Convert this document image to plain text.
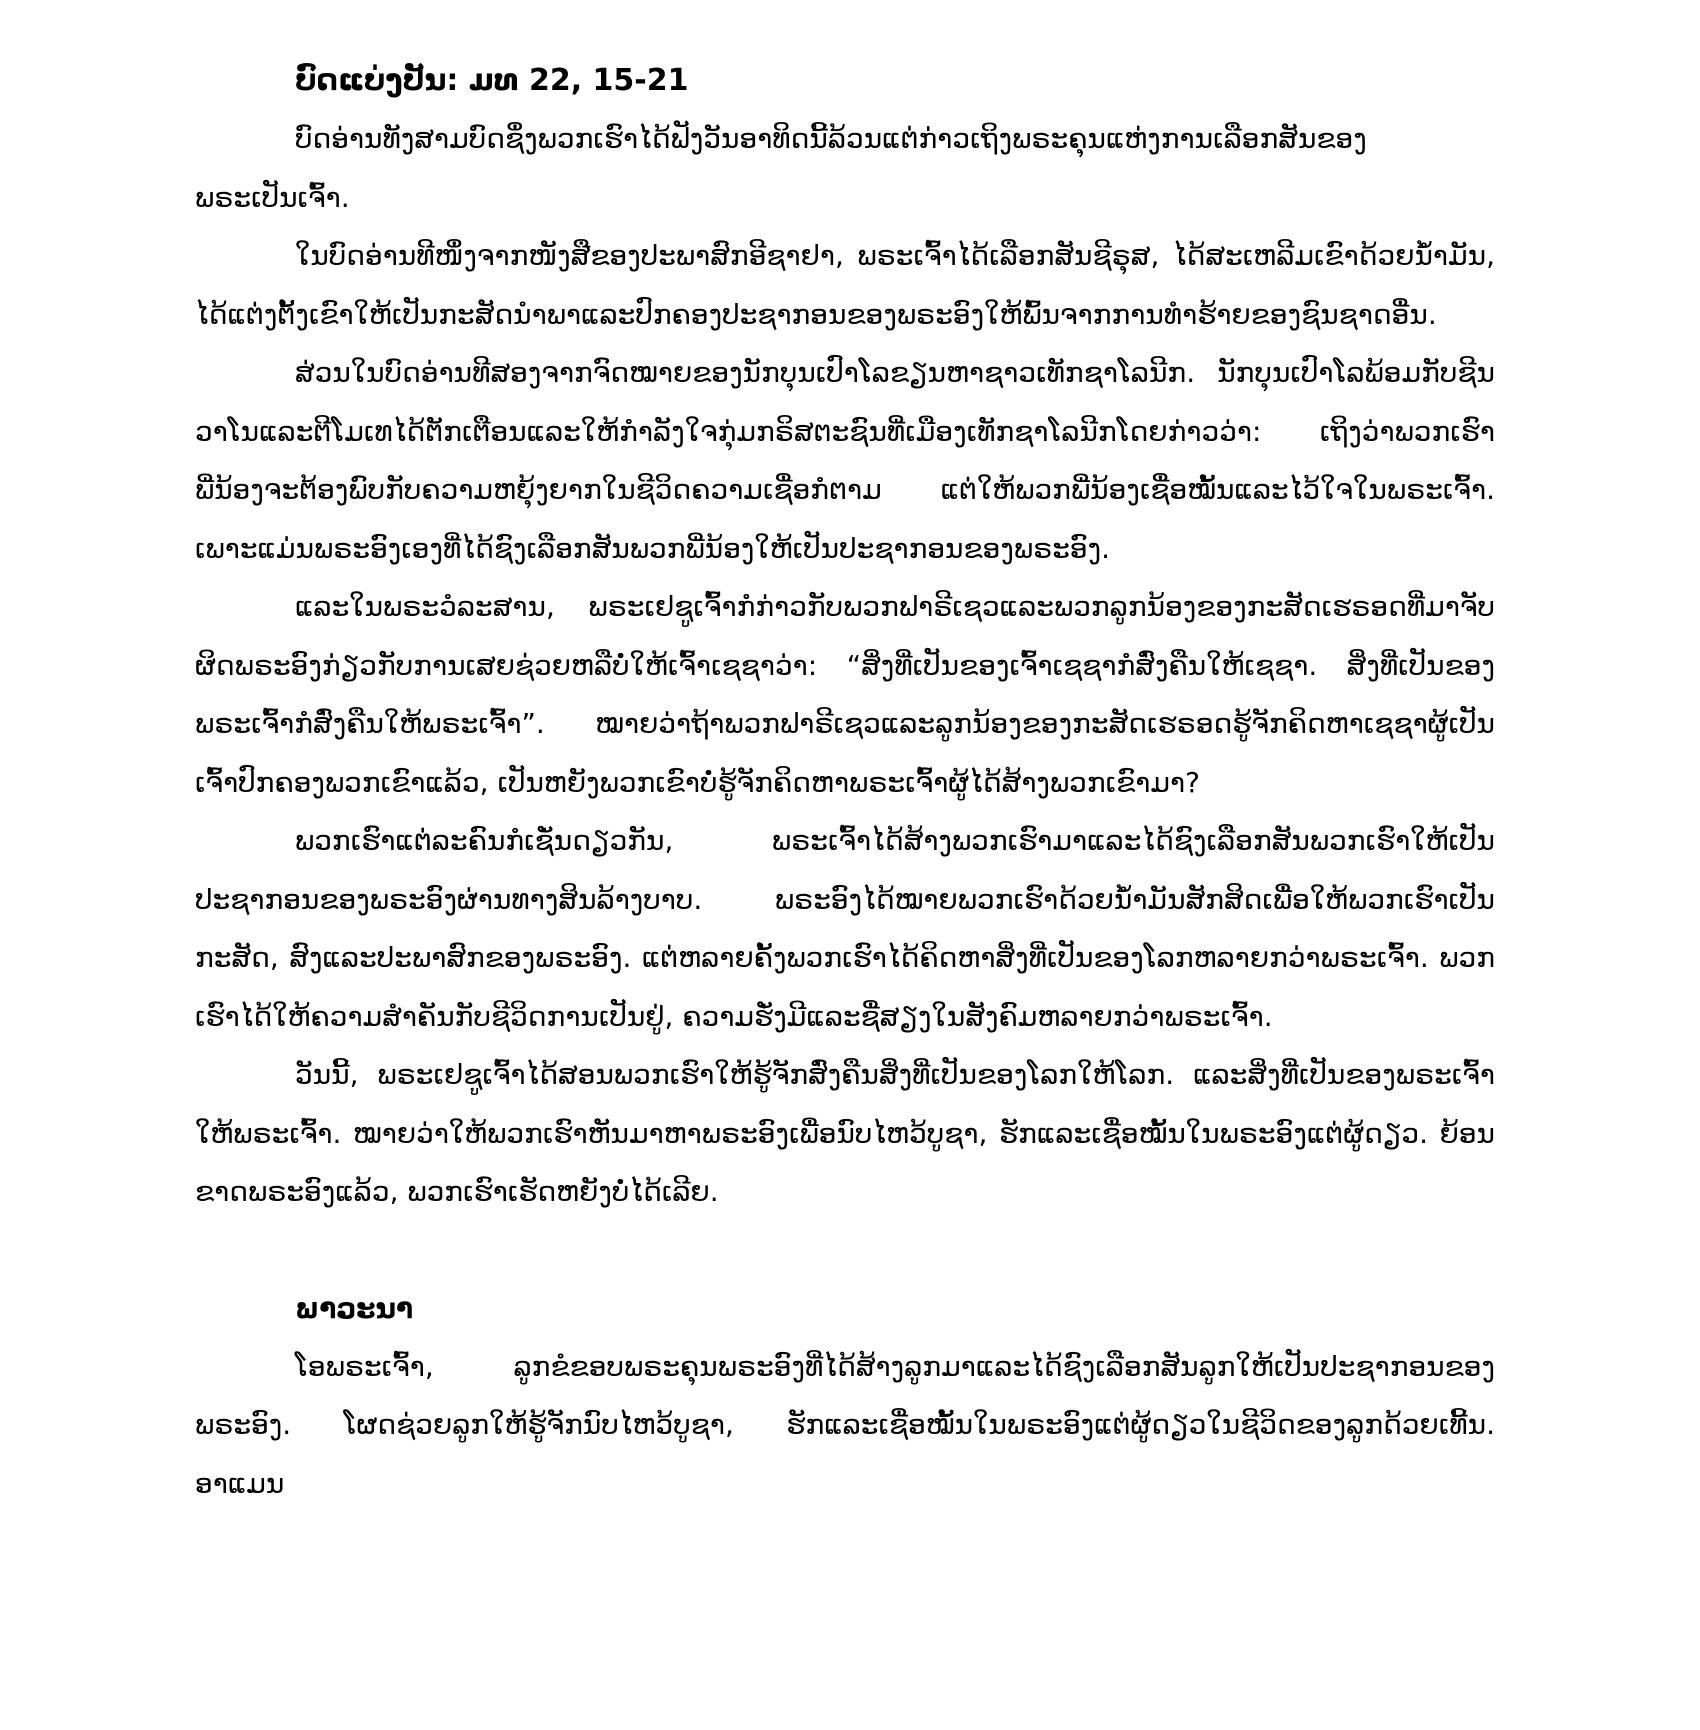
ບົດແບ່ງປັນ: ມທ 22, 15-21

ບົດອ່ານທັງສາມບົດຊຶ່ງພວກເຮົາໄດ້ຟັງວັນອາທິດນີ້ລ້ວນແຕ່ກ່າວເຖິງພຣະຄຸນແຫ່ງການເລືອກສັນຂອງພຣະເປັນເຈົ້າ.

ໃນບົດອ່ານທີໜຶ່ງຈາກໜັງສືຂອງປະພາສົກອີຊາຢາ, ພຣະເຈົ້າໄດ້ເລືອກສັນຊີຣຸສ, ໄດ້ສະເຫລີມເຂົາດ້ວຍນ້ຳມັນ, ໄດ້ແຕ່ງຕັ້ງເຂົາໃຫ້ເປັນກະສັດນຳພາແລະປົກຄອງປະຊາກອນຂອງພຣະອົງໃຫ້ພົ້ນຈາກການທຳຮ້າຍຂອງຊົນຊາດອື່ນ.

ສ່ວນໃນບົດອ່ານທີສອງຈາກຈົດໝາຍຂອງນັກບຸນເປົາໂລຂຽນຫາຊາວເທັກຊາໂລນີກ. ນັກບຸນເປົາໂລພ້ອມກັບຊີນວາໂນແລະຕີໂມເທໄດ້ຕັກເຕືອນແລະໃຫ້ກຳລັງໃຈກຸ່ມກຣິສຕະຊົນທີ່ເມືອງເທັກຊາໂລນີກໂດຍກ່າວວ່າ: ເຖິງວ່າພວກເຮົາພີ່ນ້ອງຈະຕ້ອງພົບກັບຄວາມຫຍຸ້ງຍາກໃນຊີວິດຄວາມເຊື່ອກໍຕາມ ແຕ່ໃຫ້ພວກພີ່ນ້ອງເຊື່ອໝັ້ນແລະໄວ້ໃຈໃນພຣະເຈົ້າ. ເພາະແມ່ນພຣະອົງເອງທີ່ໄດ້ຊົງເລືອກສັນພວກພີ່ນ້ອງໃຫ້ເປັນປະຊາກອນຂອງພຣະອົງ.

ແລະໃນພຣະວໍລະສານ, ພຣະເຢຊູເຈົ້າກໍກ່າວກັບພວກຟາຣີເຊວແລະພວກລູກນ້ອງຂອງກະສັດເຮຣອດທີ່ມາຈັບຜິດພຣະອົງກ່ຽວກັບການເສຍຊ່ວຍຫລືບໍ່ໃຫ້ເຈົ້າເຊຊາວ່າ: “ສິ່ງທີ່ເປັນຂອງເຈົ້າເຊຊາກໍສົ່ງຄືນໃຫ້ເຊຊາ. ສິ່ງທີ່ເປັນຂອງພຣະເຈົ້າກໍສົ່ງຄືນໃຫ້ພຣະເຈົ້າ”. ໝາຍວ່າຖ້າພວກຟາຣີເຊວແລະລູກນ້ອງຂອງກະສັດເຮຣອດຮູ້ຈັກຄິດຫາເຊຊາຜູ້ເປັນເຈົ້າປົກຄອງພວກເຂົາແລ້ວ, ເປັນຫຍັງພວກເຂົາບໍ່ຮູ້ຈັກຄິດຫາພຣະເຈົ້າຜູ້ໄດ້ສ້າງພວກເຂົາມາ?

ພວກເຮົາແຕ່ລະຄົນກໍເຊັ່ນດຽວກັນ, ພຣະເຈົ້າໄດ້ສ້າງພວກເຮົາມາແລະໄດ້ຊົງເລືອກສັນພວກເຮົາໃຫ້ເປັນປະຊາກອນຂອງພຣະອົງຜ່ານທາງສິນລ້າງບາບ. ພຣະອົງໄດ້ໝາຍພວກເຮົາດ້ວຍນ້ຳມັນສັກສິດເພື່ອໃຫ້ພວກເຮົາເປັນກະສັດ, ສົງແລະປະພາສົກຂອງພຣະອົງ. ແຕ່ຫລາຍຄັ້ງພວກເຮົາໄດ້ຄິດຫາສິ່ງທີ່ເປັນຂອງໂລກຫລາຍກວ່າພຣະເຈົ້າ. ພວກເຮົາໄດ້ໃຫ້ຄວາມສຳຄັນກັບຊີວິດການເປັນຢູ່, ຄວາມຮັ່ງມີແລະຊື່ສຽງໃນສັງຄົມຫລາຍກວ່າພຣະເຈົ້າ.

ວັນນີ້, ພຣະເຢຊູເຈົ້າໄດ້ສອນພວກເຮົາໃຫ້ຮູ້ຈັກສົ່ງຄືນສິ່ງທີ່ເປັນຂອງໂລກໃຫ້ໂລກ. ແລະສິ່ງທີ່ເປັນຂອງພຣະເຈົ້າໃຫ້ພຣະເຈົ້າ. ໝາຍວ່າໃຫ້ພວກເຮົາຫັນມາຫາພຣະອົງເພື່ອນົບໄຫວ້ບູຊາ, ຮັກແລະເຊື່ອໝັ້ນໃນພຣະອົງແຕ່ຜູ້ດຽວ. ຍ້ອນຂາດພຣະອົງແລ້ວ, ພວກເຮົາເຮັດຫຍັງບໍ່ໄດ້ເລີຍ.

ພາວະນາ

ໂອພຣະເຈົ້າ, ລູກຂໍຂອບພຣະຄຸນພຣະອົງທີ່ໄດ້ສ້າງລູກມາແລະໄດ້ຊົງເລືອກສັນລູກໃຫ້ເປັນປະຊາກອນຂອງພຣະອົງ. ໂຜດຊ່ວຍລູກໃຫ້ຮູ້ຈັກນົບໄຫວ້ບູຊາ, ຮັກແລະເຊື່ອໝັ້ນໃນພຣະອົງແຕ່ຜູ້ດຽວໃນຊີວິດຂອງລູກດ້ວຍເທີ້ນ. ອາແມນ
